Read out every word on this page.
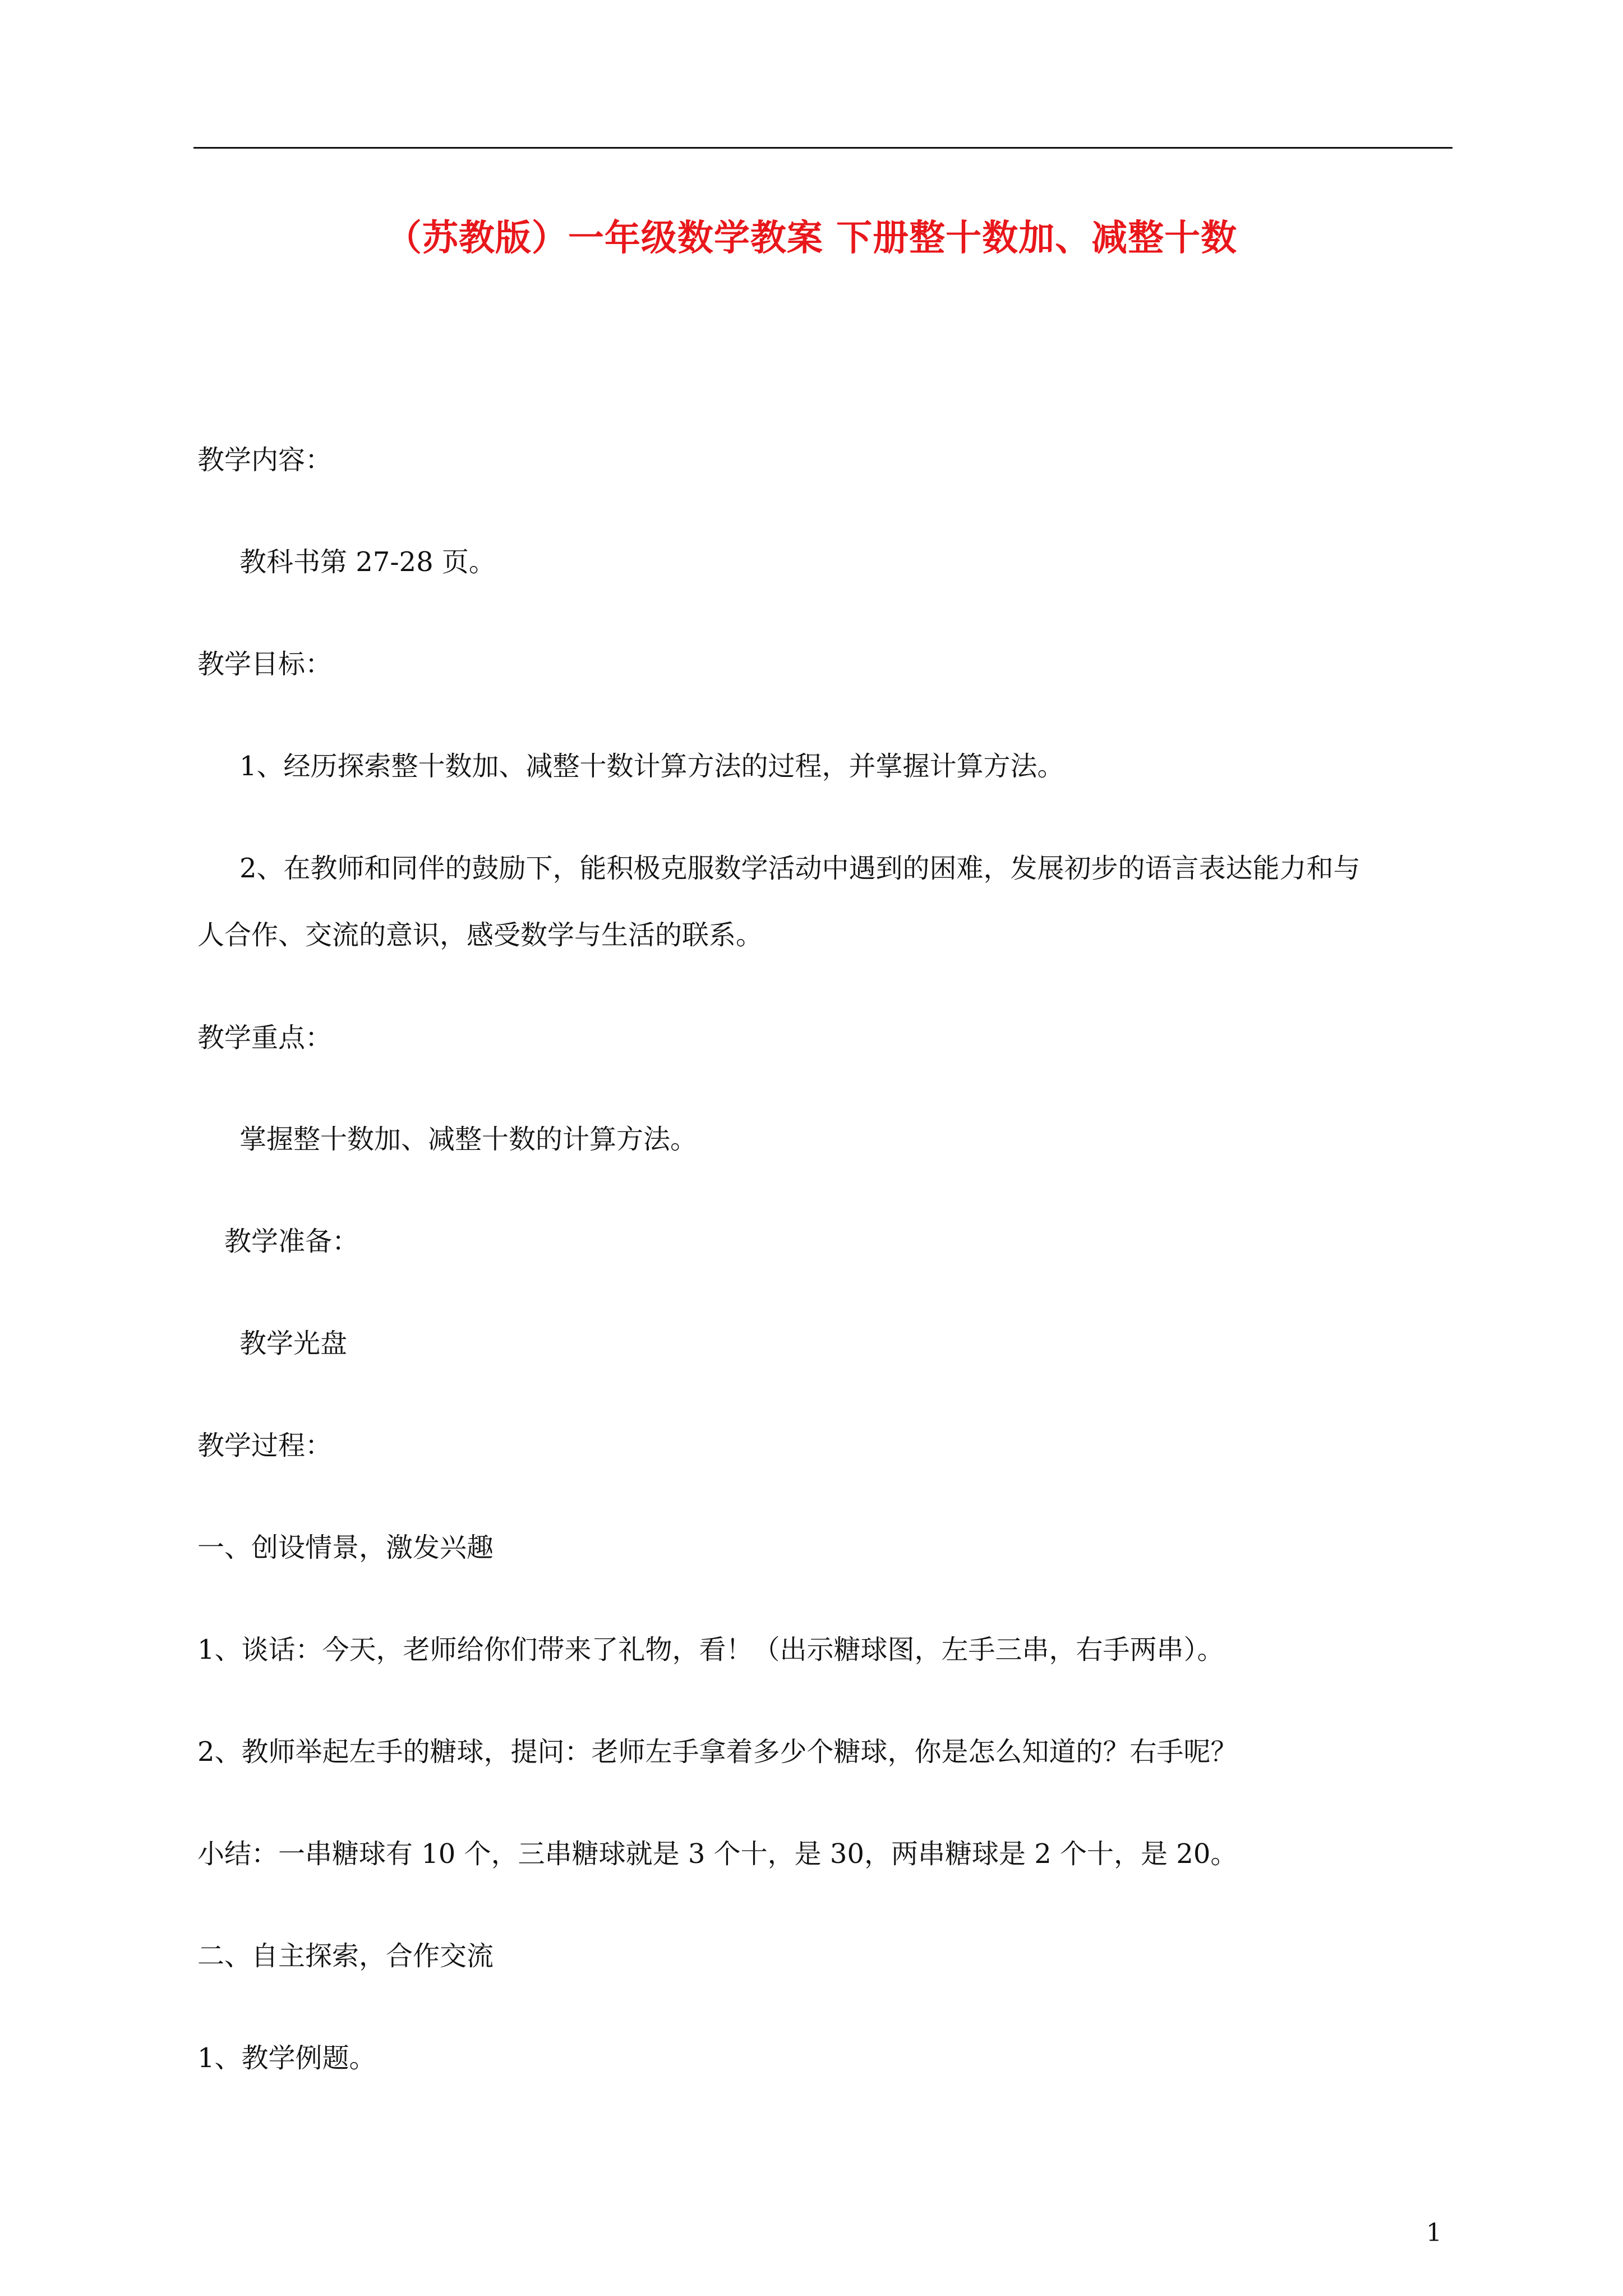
（苏教版）一年级数学教案 下册整十数加、减整十数
教学内容：
教科书第 27-28 页。
教学目标：
1、经历探索整十数加、减整十数计算方法的过程，并掌握计算方法。
2、在教师和同伴的鼓励下，能积极克服数学活动中遇到的困难，发展初步的语言表达能力和与
人合作、交流的意识，感受数学与生活的联系。
教学重点：
掌握整十数加、减整十数的计算方法。
教学准备：
教学光盘
教学过程：
一、创设情景，激发兴趣
1、谈话：今天，老师给你们带来了礼物，看！（出示糖球图，左手三串，右手两串）。
2、教师举起左手的糖球，提问：老师左手拿着多少个糖球，你是怎么知道的？右手呢？
小结：一串糖球有 10 个，三串糖球就是 3 个十，是 30，两串糖球是 2 个十，是 20。
二、自主探索，合作交流
1、教学例题。
1
